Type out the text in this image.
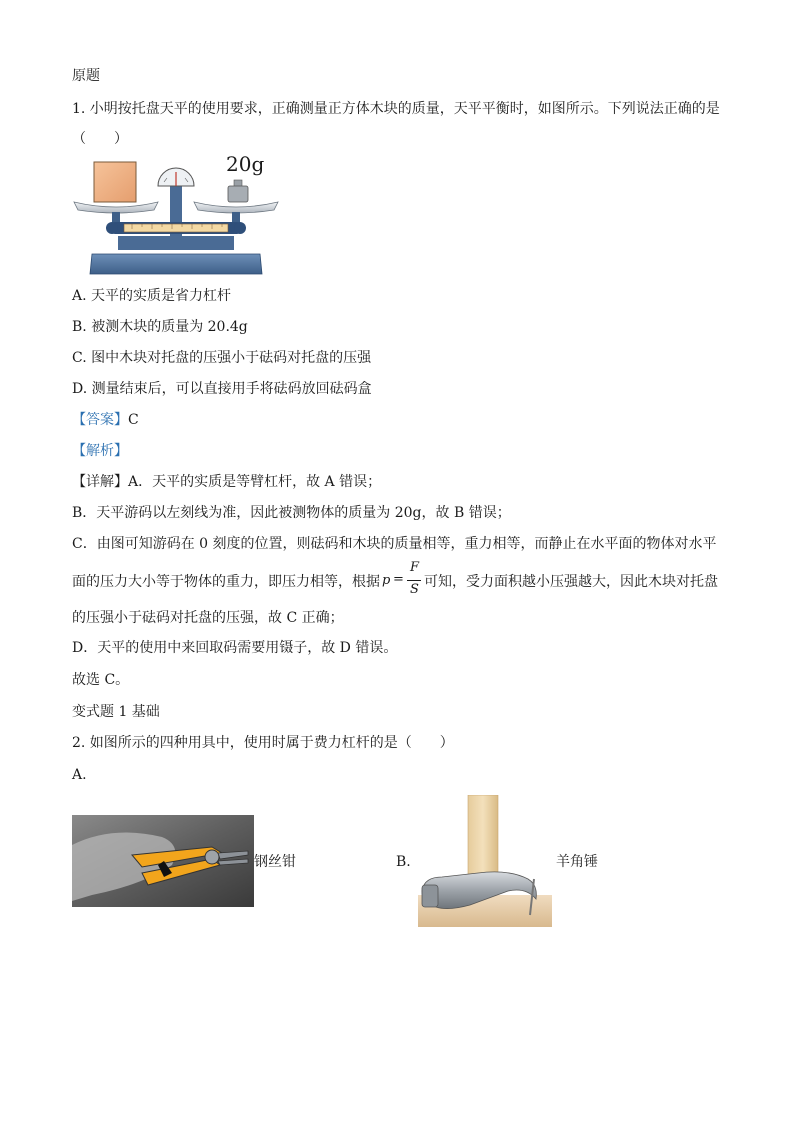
原题
1. 小明按托盘天平的使用要求，正确测量正方体木块的质量，天平平衡时，如图所示。下列说法正确的是
（　　）
20g
A. 天平的实质是省力杠杆
B. 被测木块的质量为 20.4g
C. 图中木块对托盘的压强小于砝码对托盘的压强
D. 测量结束后，可以直接用手将砝码放回砝码盒
【答案】C
【解析】
【详解】A．天平的实质是等臂杠杆，故 A 错误；
B．天平游码以左刻线为准，因此被测物体的质量为 20g，故 B 错误；
C．由图可知游码在 0 刻度的位置，则砝码和木块的质量相等，重力相等，而静止在水平面的物体对水平
面的压力大小等于物体的重力，即压力相等，根据 p =
F
S 可知，受力面积越小压强越大，因此木块对托盘
的压强小于砝码对托盘的压强，故 C 正确；
D．天平的使用中来回取码需要用镊子，故 D 错误。
故选 C。
变式题 1 基础
2. 如图所示的四种用具中，使用时属于费力杠杆的是（　　）
A.
钢丝钳	B.	羊角锤
